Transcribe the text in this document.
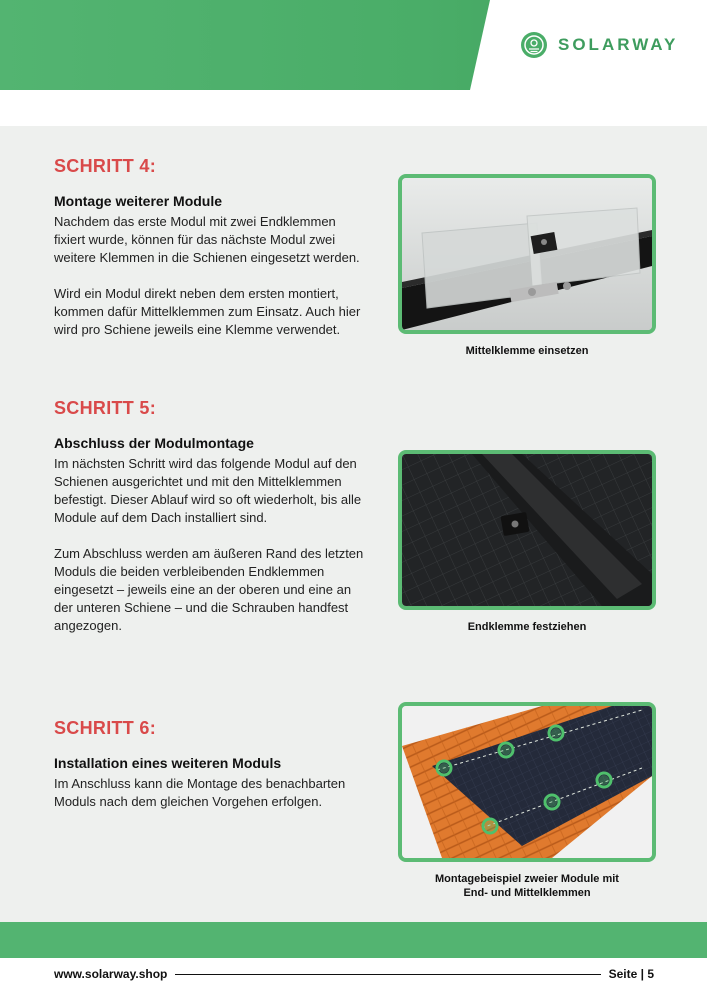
SOLARWAY
SCHRITT 4:
Montage weiterer Module

Nachdem das erste Modul mit zwei Endklemmen fixiert wurde, können für das nächste Modul zwei weitere Klemmen in die Schienen eingesetzt werden.

Wird ein Modul direkt neben dem ersten montiert, kommen dafür Mittelklemmen zum Einsatz. Auch hier wird pro Schiene jeweils eine Klemme verwendet.

Mittelklemme einsetzen
SCHRITT 5:
Abschluss der Modulmontage

Im nächsten Schritt wird das folgende Modul auf den Schienen ausgerichtet und mit den Mittelklemmen befestigt. Dieser Ablauf wird so oft wiederholt, bis alle Module auf dem Dach installiert sind.

Zum Abschluss werden am äußeren Rand des letzten Moduls die beiden verbleibenden Endklemmen eingesetzt – jeweils eine an der oberen und eine an der unteren Schiene – und die Schrauben handfest angezogen.	Endklemme festziehen
SCHRITT 6:
Installation eines weiteren Moduls

Im Anschluss kann die Montage des benachbarten Moduls nach dem gleichen Vorgehen erfolgen.

Montagebeispiel zweier Module mit
End- und Mittelklemmen
www.solarway.shop	Seite | 5
